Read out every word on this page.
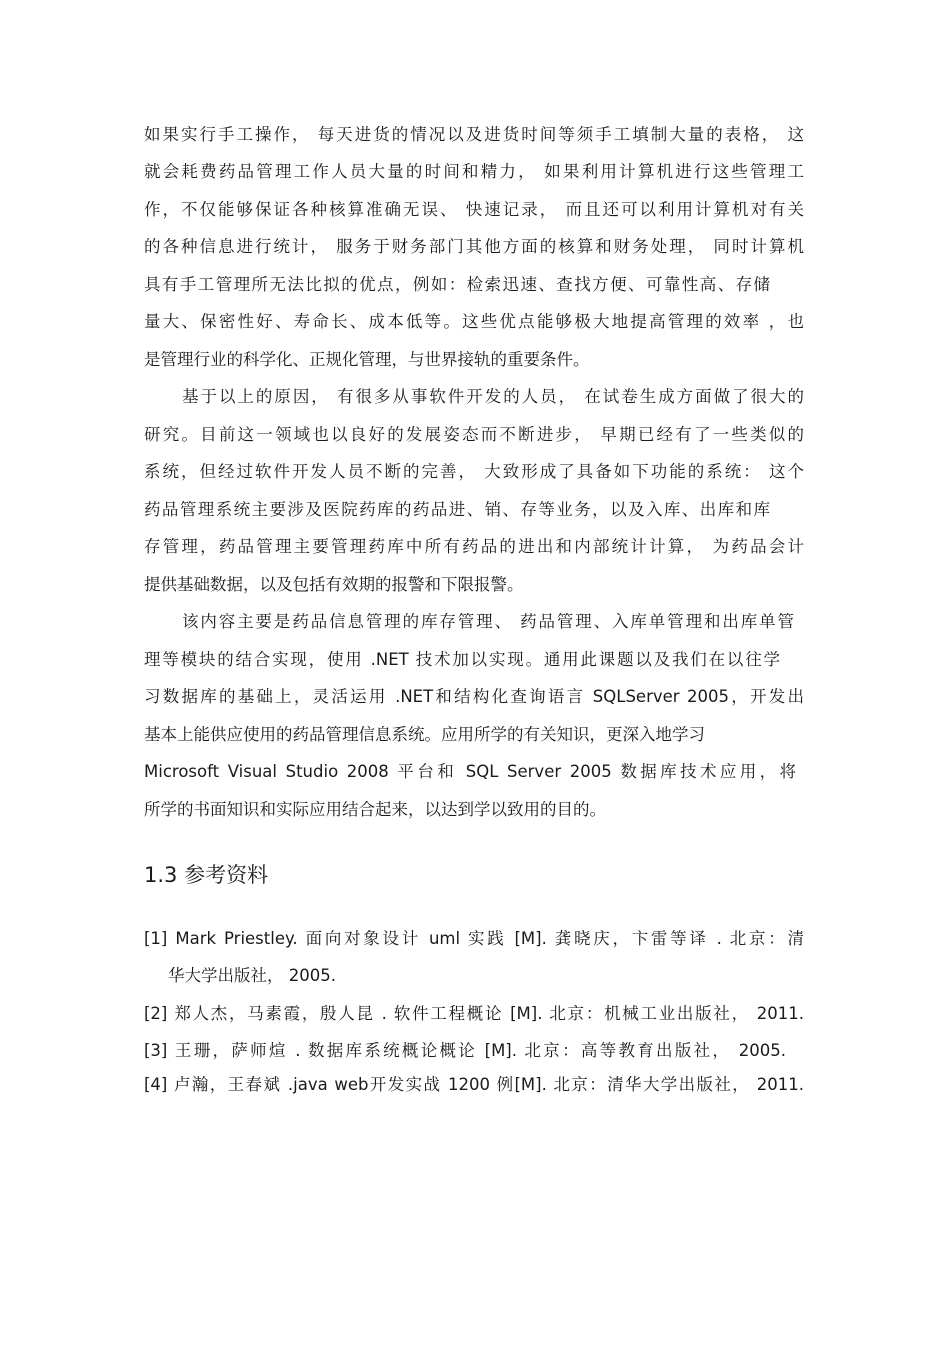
如果实行手工操作， 每天进货的情况以及进货时间等须手工填制大量的表格， 这
就会耗费药品管理工作人员大量的时间和精力， 如果利用计算机进行这些管理工
作，不仅能够保证各种核算准确无误、 快速记录， 而且还可以利用计算机对有关
的各种信息进行统计， 服务于财务部门其他方面的核算和财务处理， 同时计算机
具有手工管理所无法比拟的优点，例如：检索迅速、查找方便、可靠性高、存储
量大、保密性好、寿命长、成本低等。这些优点能够极大地提高管理的效率 ，也
是管理行业的科学化、正规化管理，与世界接轨的重要条件。
基于以上的原因， 有很多从事软件开发的人员， 在试卷生成方面做了很大的
研究。目前这一领域也以良好的发展姿态而不断进步， 早期已经有了一些类似的
系统，但经过软件开发人员不断的完善， 大致形成了具备如下功能的系统： 这个
药品管理系统主要涉及医院药库的药品进、销、存等业务，以及入库、出库和库
存管理，药品管理主要管理药库中所有药品的进出和内部统计计算， 为药品会计
提供基础数据，以及包括有效期的报警和下限报警。
该内容主要是药品信息管理的库存管理、 药品管理、入库单管理和出库单管
理等模块的结合实现，使用 .NET 技术加以实现。通用此课题以及我们在以往学
习数据库的基础上，灵活运用 .NET和结构化查询语言 SQLServer 2005，开发出
基本上能供应使用的药品管理信息系统。应用所学的有关知识，更深入地学习
Microsoft Visual Studio 2008 平台和 SQL Server 2005 数据库技术应用，将
所学的书面知识和实际应用结合起来，以达到学以致用的目的。
1.3 参考资料
[1] Mark Priestley. 面向对象设计 uml 实践 [M]. 龚晓庆，卞雷等译 . 北京：清
华大学出版社， 2005.
[2] 郑人杰，马素霞，殷人昆 . 软件工程概论 [M]. 北京：机械工业出版社， 2011.
[3] 王珊，萨师煊 . 数据库系统概论概论 [M]. 北京：高等教育出版社， 2005.
[4] 卢瀚，王春斌 .java web开发实战 1200 例[M]. 北京：清华大学出版社， 2011.
